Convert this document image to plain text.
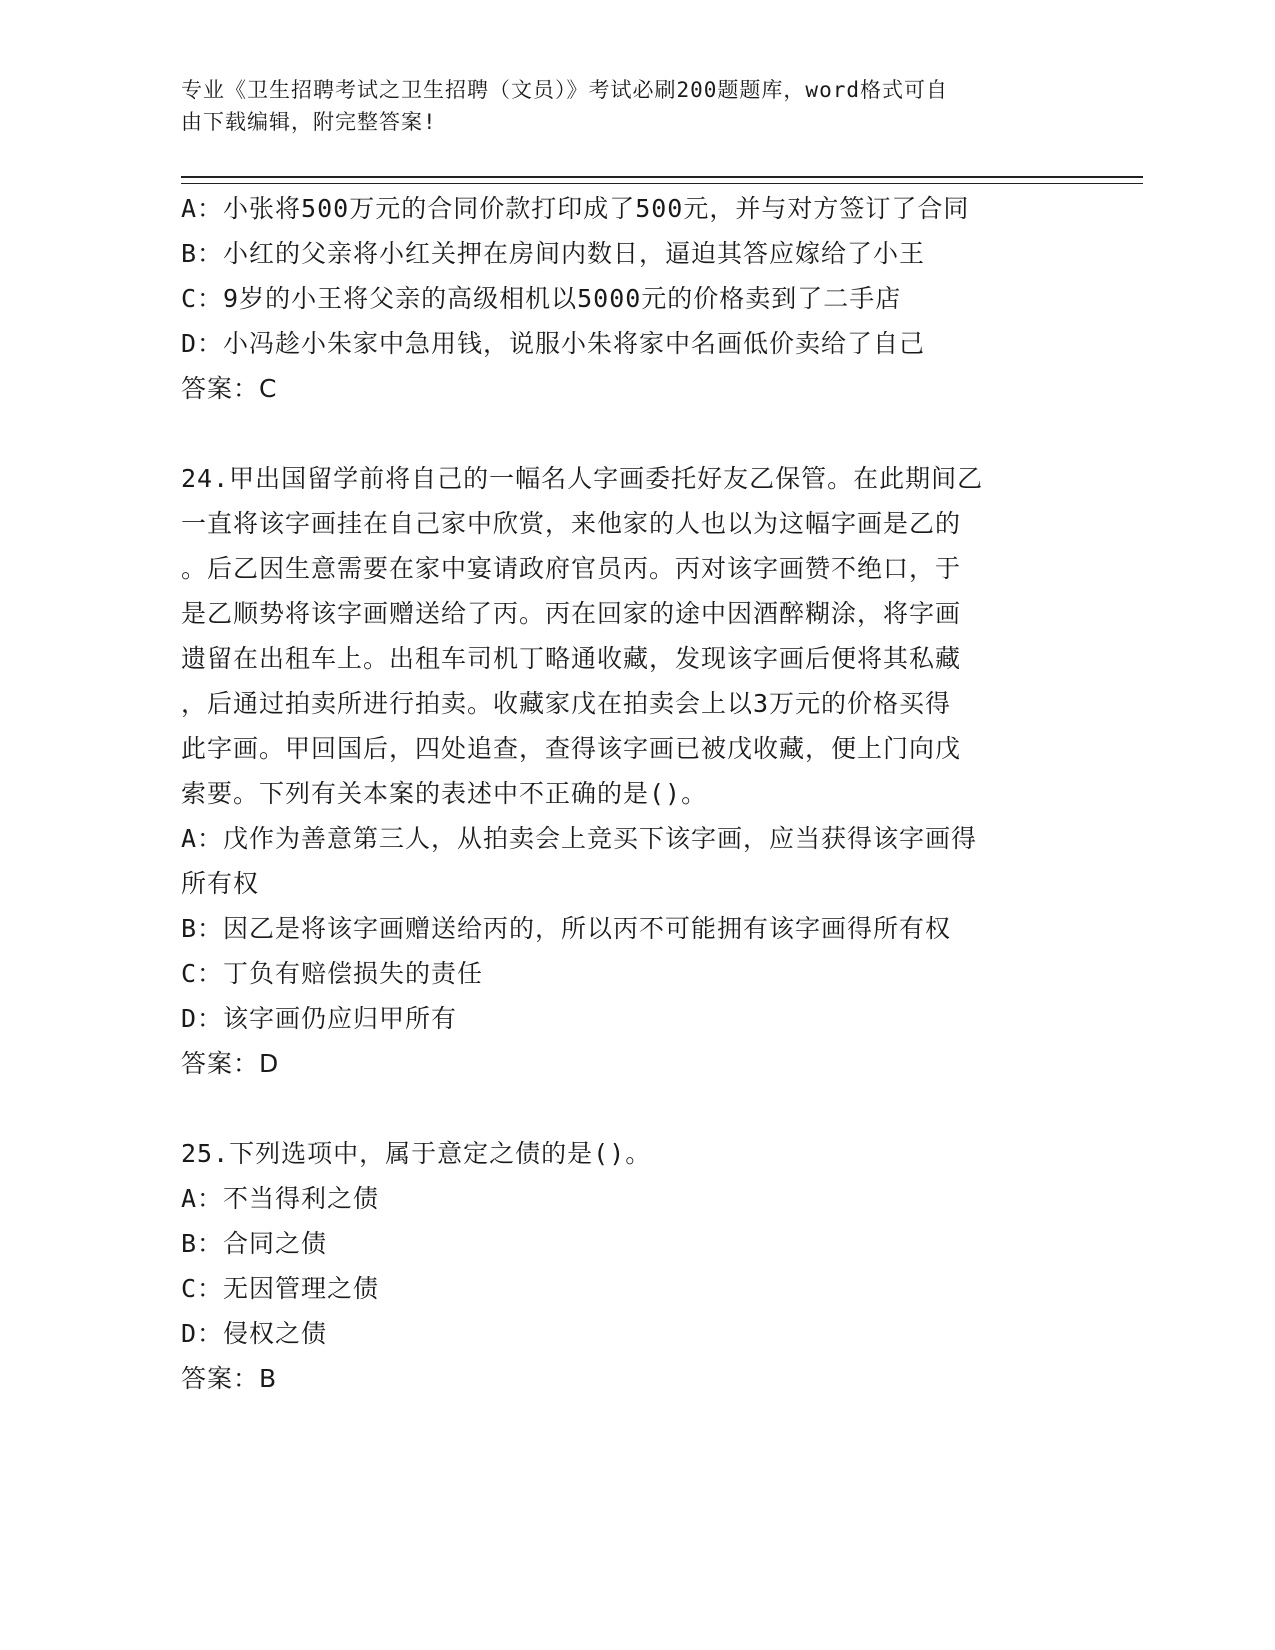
专业《卫生招聘考试之卫生招聘（文员）》考试必刷200题题库，word格式可自
由下载编辑，附完整答案!
A：小张将500万元的合同价款打印成了500元，并与对方签订了合同
B：小红的父亲将小红关押在房间内数日，逼迫其答应嫁给了小王
C：9岁的小王将父亲的高级相机以5000元的价格卖到了二手店
D：小冯趁小朱家中急用钱，说服小朱将家中名画低价卖给了自己
答案：C
24.甲出国留学前将自己的一幅名人字画委托好友乙保管。在此期间乙
一直将该字画挂在自己家中欣赏，来他家的人也以为这幅字画是乙的
。后乙因生意需要在家中宴请政府官员丙。丙对该字画赞不绝口，于
是乙顺势将该字画赠送给了丙。丙在回家的途中因酒醉糊涂，将字画
遗留在出租车上。出租车司机丁略通收藏，发现该字画后便将其私藏
，后通过拍卖所进行拍卖。收藏家戊在拍卖会上以3万元的价格买得
此字画。甲回国后，四处追查，查得该字画已被戊收藏，便上门向戊
索要。下列有关本案的表述中不正确的是()。
A：戊作为善意第三人，从拍卖会上竞买下该字画，应当获得该字画得
所有权
B：因乙是将该字画赠送给丙的，所以丙不可能拥有该字画得所有权
C：丁负有赔偿损失的责任
D：该字画仍应归甲所有
答案：D
25.下列选项中，属于意定之债的是()。
A：不当得利之债
B：合同之债
C：无因管理之债
D：侵权之债
答案：B
